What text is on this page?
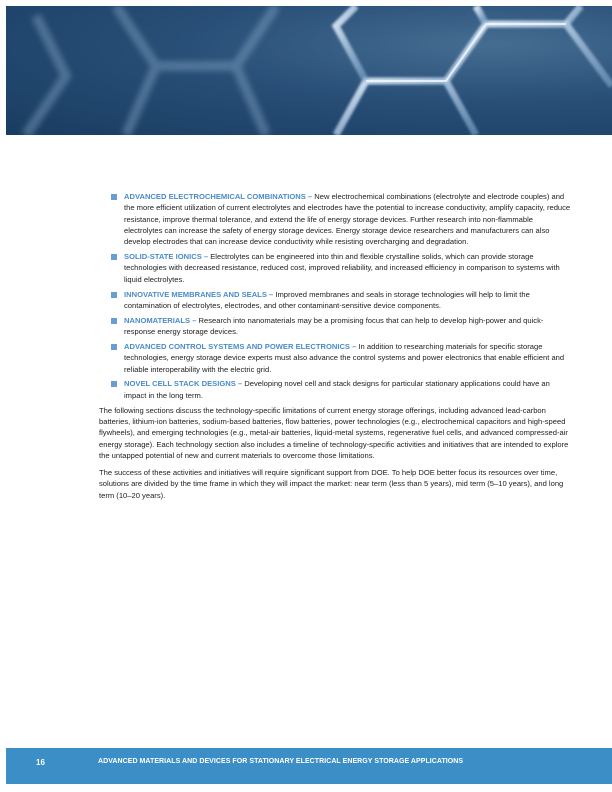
ADVANCED ELECTROCHEMICAL COMBINATIONS – New electrochemical combinations (electrolyte and electrode couples) and the more efficient utilization of current electrolytes and electrodes have the potential to increase conductivity, amplify capacity, reduce resistance, improve thermal tolerance, and extend the life of energy storage devices. Further research into non-flammable electrolytes can increase the safety of energy storage devices. Energy storage device researchers and manufacturers can also develop electrodes that can increase device conductivity while resisting overcharging and degradation.
SOLID-STATE IONICS – Electrolytes can be engineered into thin and flexible crystalline solids, which can provide storage technologies with decreased resistance, reduced cost, improved reliability, and increased efficiency in comparison to systems with liquid electrolytes.
INNOVATIVE MEMBRANES AND SEALS – Improved membranes and seals in storage technologies will help to limit the contamination of electrolytes, electrodes, and other contaminant-sensitive device components.
NANOMATERIALS – Research into nanomaterials may be a promising focus that can help to develop high-power and quick-response energy storage devices.
ADVANCED CONTROL SYSTEMS AND POWER ELECTRONICS – In addition to researching materials for specific storage technologies, energy storage device experts must also advance the control systems and power electronics that enable efficient and reliable interoperability with the electric grid.
NOVEL CELL STACK DESIGNS – Developing novel cell and stack designs for particular stationary applications could have an impact in the long term.

The following sections discuss the technology-specific limitations of current energy storage offerings, including advanced lead-carbon batteries, lithium-ion batteries, sodium-based batteries, flow batteries, power technologies (e.g., electrochemical capacitors and high-speed flywheels), and emerging technologies (e.g., metal-air batteries, liquid-metal systems, regenerative fuel cells, and advanced compressed-air energy storage). Each technology section also includes a timeline of technology-specific activities and initiatives that are intended to explore the untapped potential of new and current materials to overcome those limitations.

The success of these activities and initiatives will require significant support from DOE. To help DOE better focus its resources over time, solutions are divided by the time frame in which they will impact the market: near term (less than 5 years), mid term (5–10 years), and long term (10–20 years).

16	ADVANCED MATERIALS AND DEVICES FOR STATIONARY ELECTRICAL ENERGY STORAGE APPLICATIONS
